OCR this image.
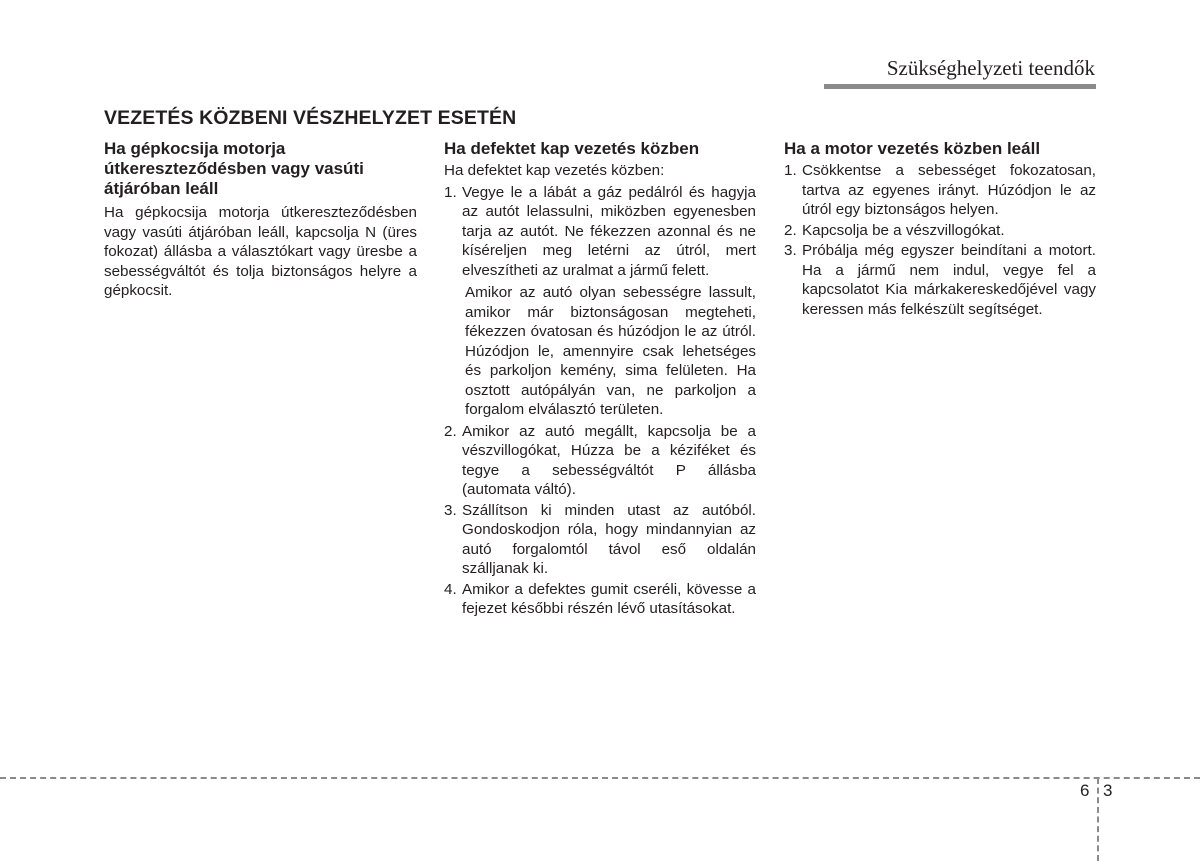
Szükséghelyzeti teendők
VEZETÉS KÖZBENI VÉSZHELYZET ESETÉN
Ha gépkocsija motorja útkereszteződésben vagy vasúti átjáróban leáll

Ha gépkocsija motorja útkereszteződésben vagy vasúti átjáróban leáll, kapcsolja N (üres fokozat) állásba a választókart vagy üresbe a sebességváltót és tolja biztonságos helyre a gépkocsit.

Ha defektet kap vezetés közben

Ha defektet kap vezetés közben:

1. Vegye le a lábát a gáz pedálról és hagyja az autót lelassulni, miközben egyenesben tarja az autót. Ne fékezzen azonnal és ne kíséreljen meg letérni az útról, mert elveszítheti az uralmat a jármű felett.

Amikor az autó olyan sebességre lassult, amikor már biztonságosan megteheti, fékezzen óvatosan és húzódjon le az útról. Húzódjon le, amennyire csak lehetséges és parkoljon kemény, sima felületen. Ha osztott autópályán van, ne parkoljon a forgalom elválasztó területen.

2. Amikor az autó megállt, kapcsolja be a vészvillogókat, Húzza be a kéziféket és tegye a sebességváltót P állásba (automata váltó).
3. Szállítson ki minden utast az autóból. Gondoskodjon róla, hogy mindannyian az autó forgalomtól távol eső oldalán szálljanak ki.
4. Amikor a defektes gumit cseréli, kövesse a fejezet későbbi részén lévő utasításokat.
Ha a motor vezetés közben leáll
1. Csökkentse a sebességet fokozatosan, tartva az egyenes irányt. Húzódjon le az útról egy biztonságos helyen.
2. Kapcsolja be a vészvillogókat.
3. Próbálja még egyszer beindítani a motort. Ha a jármű nem indul, vegye fel a kapcsolatot Kia márkakereskedőjével vagy keressen más felkészült segítséget.
6 3
